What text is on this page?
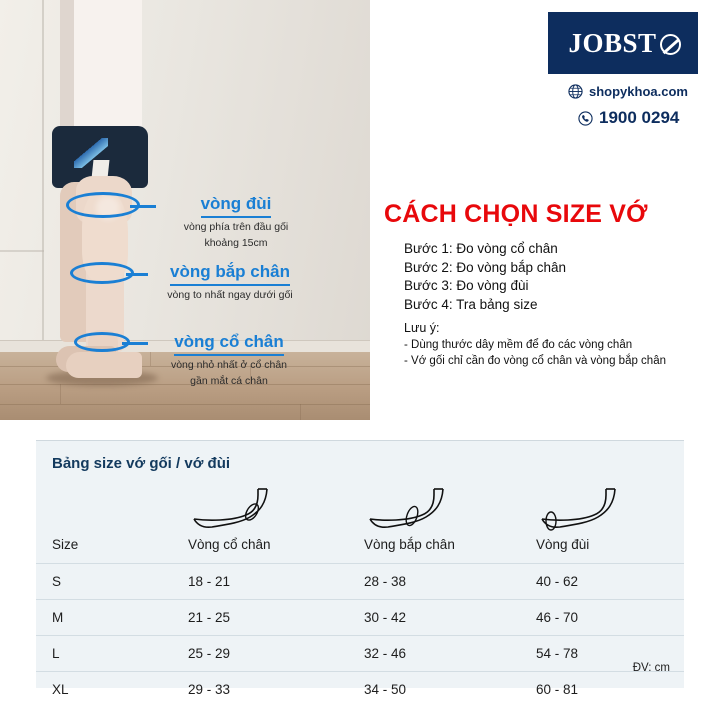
vòng đùi
vòng phía trên đầu gối
khoảng 15cm
vòng bắp chân
vòng to nhất ngay dưới gối
vòng cổ chân
vòng nhỏ nhất ở cổ chân
gần mắt cá chân
JOBST
shopykhoa.com
1900 0294
CÁCH CHỌN SIZE VỚ
Bước 1: Đo vòng cổ chân
Bước 2: Đo vòng bắp chân
Bước 3: Đo vòng đùi
Bước 4: Tra bảng size
Lưu ý:
- Dùng thước dây mềm để đo các vòng chân
- Vớ gối chỉ cần đo vòng cổ chân và vòng bắp chân
Bảng size vớ gối / vớ đùi

Size	Vòng cổ chân	Vòng bắp chân	Vòng đùi
S	18 - 21	28 - 38	40 - 62
M	21 - 25	30 - 42	46 - 70
L	25 - 29	32 - 46	54 - 78
XL	29 - 33	34 - 50	60 - 81
ĐV: cm
